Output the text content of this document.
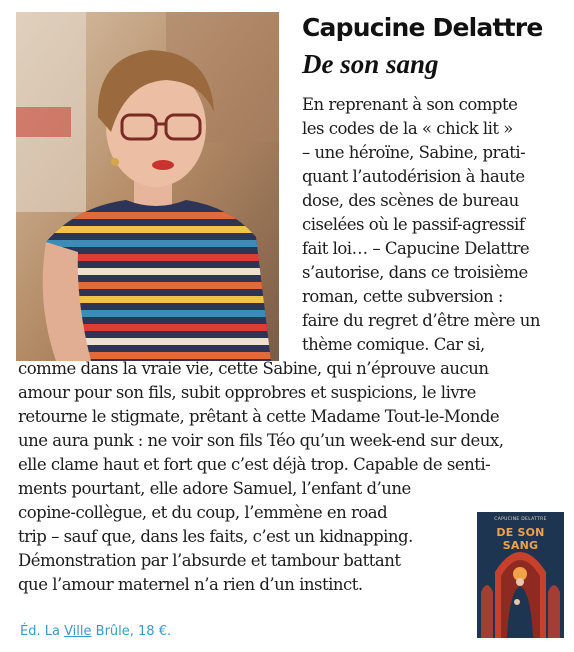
Capucine Delattre
De son sang

En reprenant à son compte

les codes de la « chick lit »

– une héroïne, Sabine, prati-

quant l’autodérision à haute

dose, des scènes de bureau

ciselées où le passif-agressif

fait loi… – Capucine Delattre

s’autorise, dans ce troisième

roman, cette subversion :

faire du regret d’être mère un

thème comique. Car si,

comme dans la vraie vie, cette Sabine, qui n’éprouve aucun

amour pour son fils, subit opprobres et suspicions, le livre

retourne le stigmate, prêtant à cette Madame Tout-le-Monde

une aura punk : ne voir son fils Téo qu’un week-end sur deux,

elle clame haut et fort que c’est déjà trop. Capable de senti-

ments pourtant, elle adore Samuel, l’enfant d’une

copine-collègue, et du coup, l’emmène en road

trip – sauf que, dans les faits, c’est un kidnapping.

Démonstration par l’absurde et tambour battant

que l’amour maternel n’a rien d’un instinct.

Éd. La Ville Brûle, 18 €.

CAPUCINE DELATTRE
DE SON SANG
